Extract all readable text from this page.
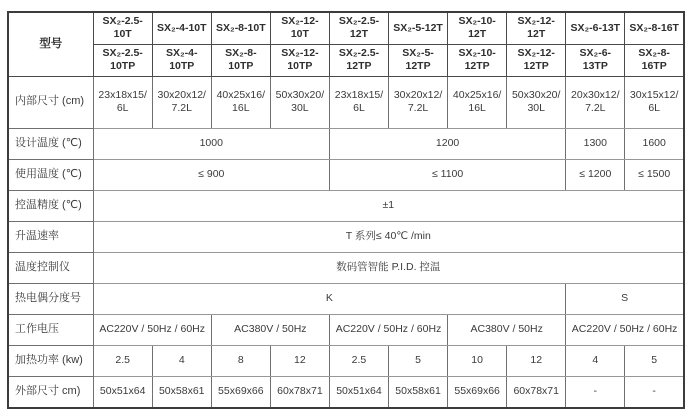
型号	SX₂-2.5-10T	SX₂-4-10T	SX₂-8-10T	SX₂-12-10T	SX₂-2.5-12T	SX₂-5-12T	SX₂-10-12T	SX₂-12-12T	SX₂-6-13T	SX₂-8-16T
	SX₂-2.5-10TP	SX₂-4-10TP	SX₂-8-10TP	SX₂-12-10TP	SX₂-2.5-12TP	SX₂-5-12TP	SX₂-10-12TP	SX₂-12-12TP	SX₂-6-13TP	SX₂-8-16TP
内部尺寸 (cm)	23x18x15/ 6L	30x20x12/ 7.2L	40x25x16/ 16L	50x30x20/ 30L	23x18x15/ 6L	30x20x12/ 7.2L	40x25x16/ 16L	50x30x20/ 30L	20x30x12/ 7.2L	30x15x12/ 6L
设计温度 (℃)	1000				1200				1300	1600
使用温度 (℃)	≤ 900				≤ 1100				≤ 1200	≤ 1500
控温精度 (℃)	±1									
升温速率	T 系列≤ 40℃ /min									
温度控制仪	数码管智能 P.I.D. 控温									
热电偶分度号	K								S	
工作电压	AC220V / 50Hz / 60Hz		AC380V / 50Hz		AC220V / 50Hz / 60Hz		AC380V / 50Hz		AC220V / 50Hz / 60Hz	
加热功率 (kw)	2.5	4	8	12	2.5	5	10	12	4	5
外部尺寸 cm)	50x51x64	50x58x61	55x69x66	60x78x71	50x51x64	50x58x61	55x69x66	60x78x71	-	-
